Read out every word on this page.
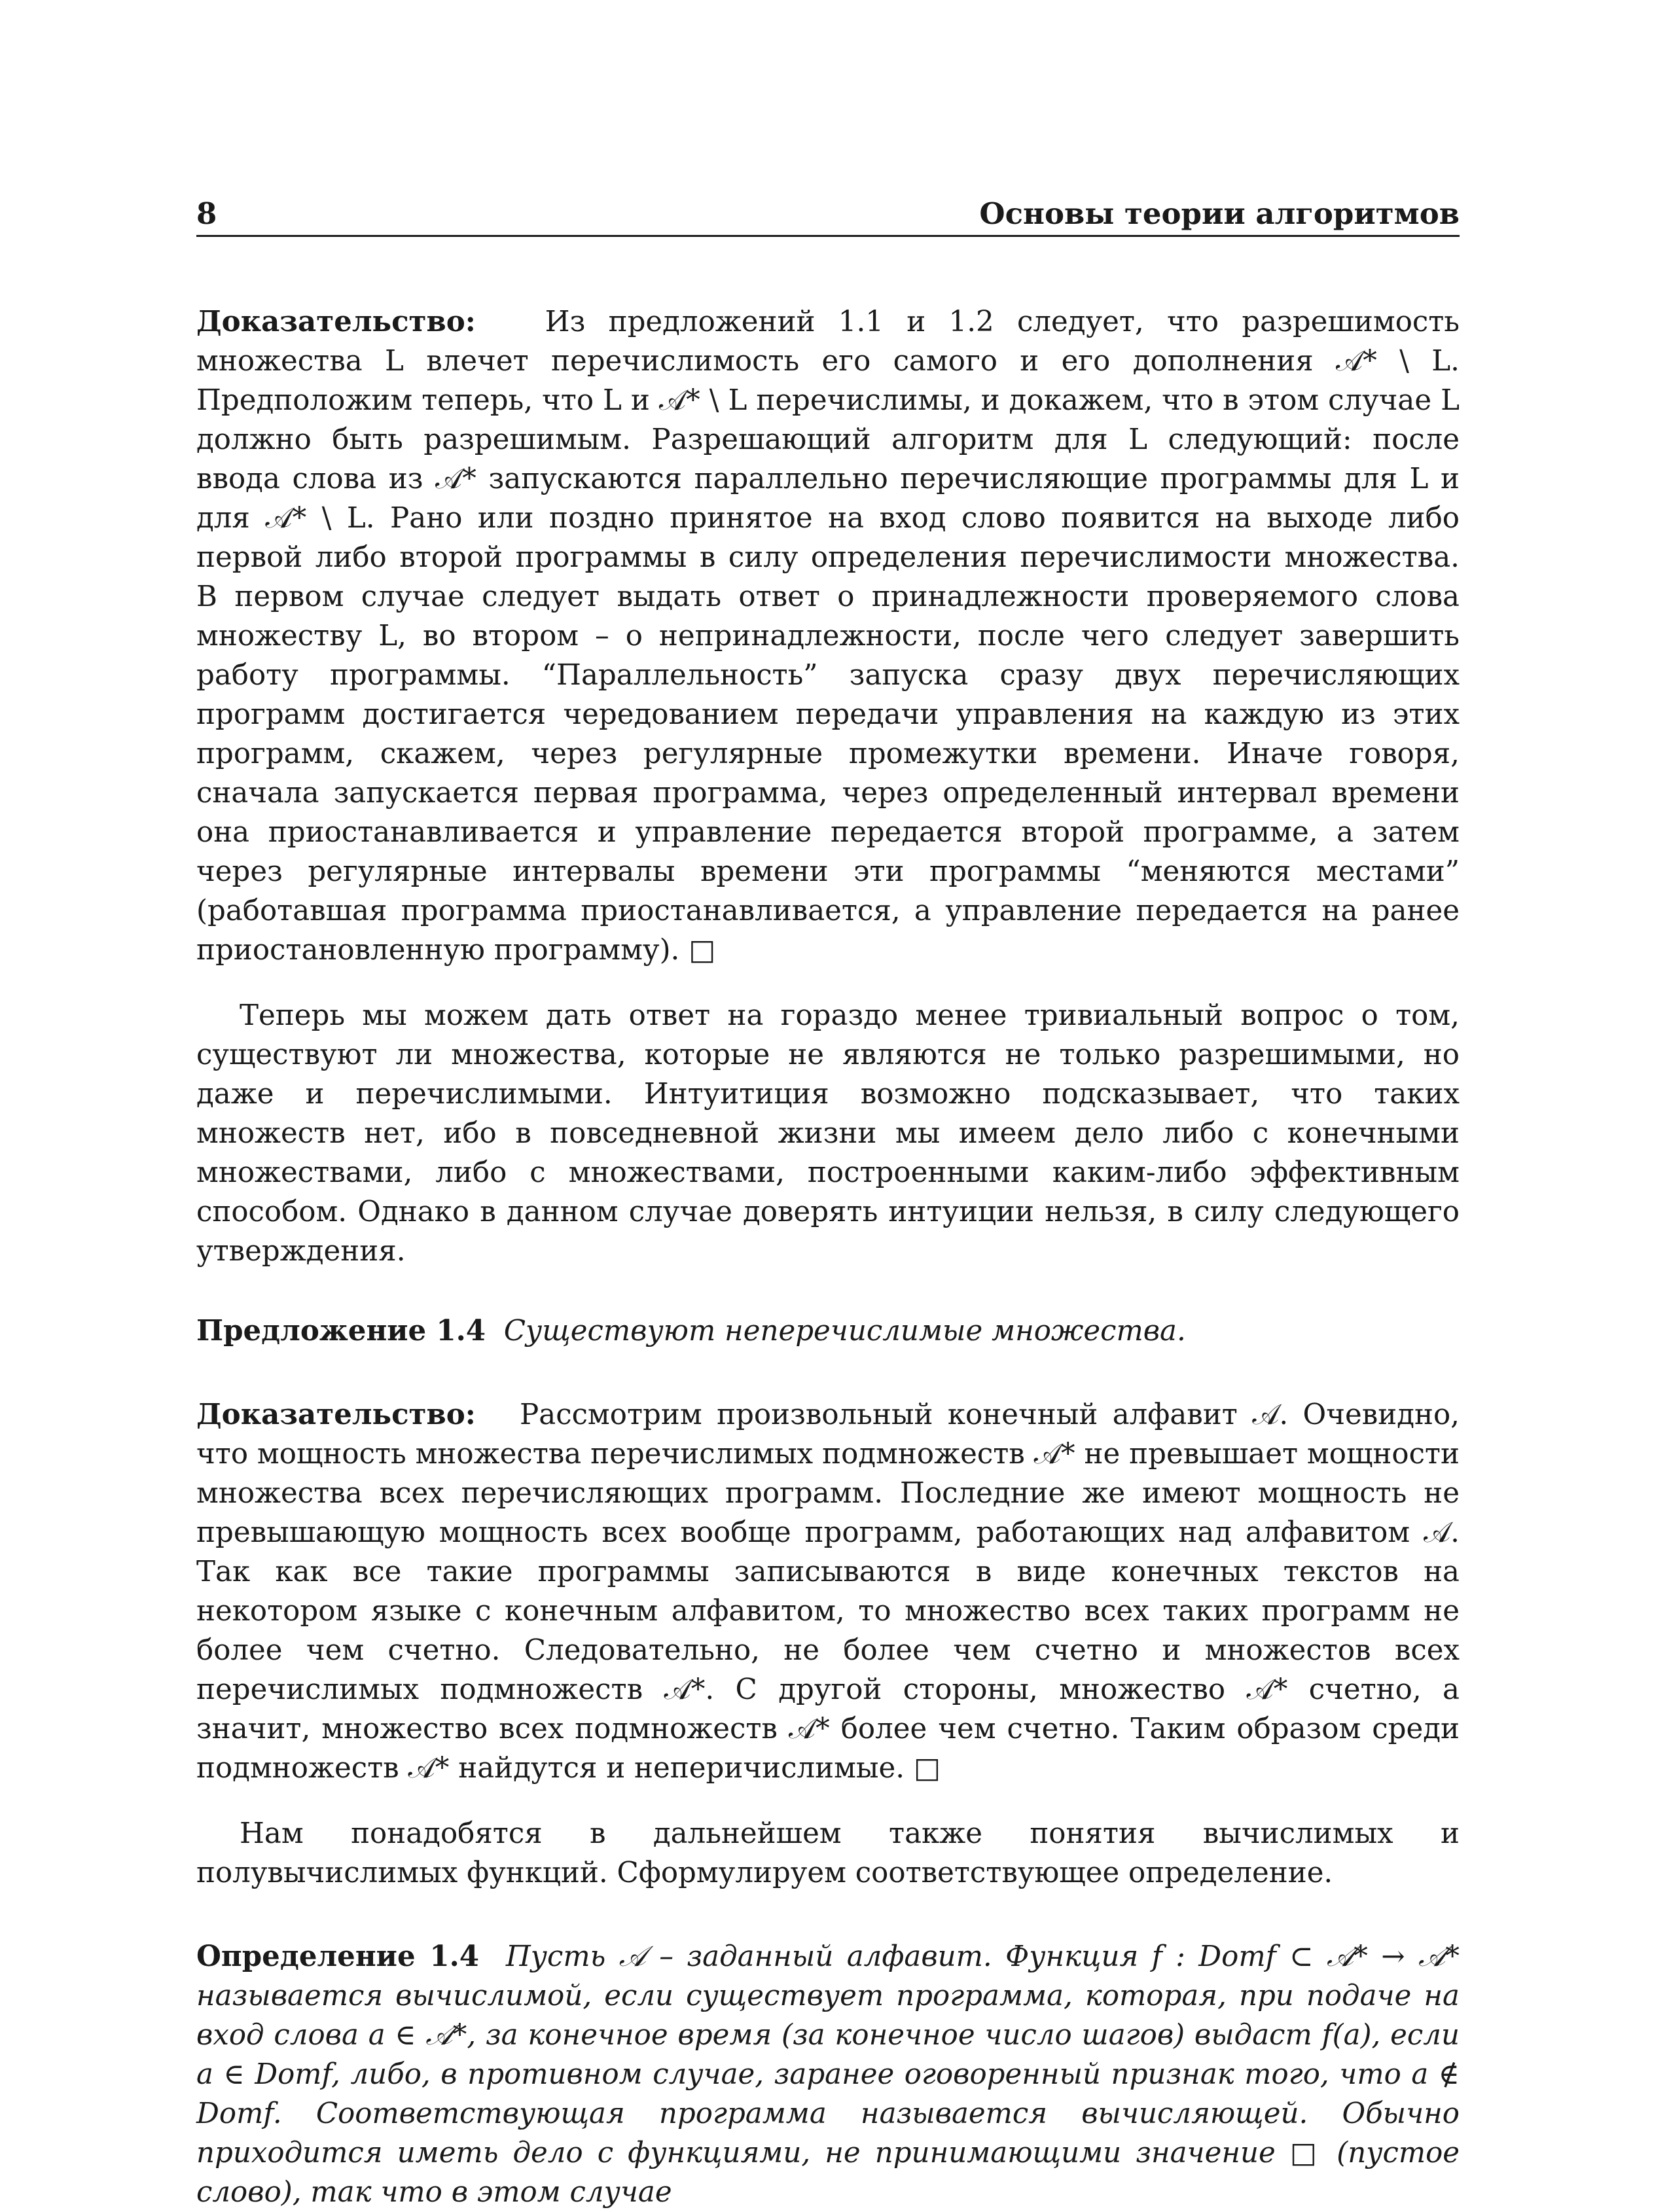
8	Основы теории алгоритмов

Доказательство: Из предложений 1.1 и 1.2 следует, что разрешимость множества L влечет перечислимость его самого и его дополнения 𝒜* \ L. Предположим теперь, что L и 𝒜* \ L перечислимы, и докажем, что в этом случае L должно быть разрешимым. Разрешающий алгоритм для L следующий: после ввода слова из 𝒜* запускаются параллельно перечисляющие программы для L и для 𝒜* \ L. Рано или поздно принятое на вход слово появится на выходе либо первой либо второй программы в силу определения перечислимости множества. В первом случае следует выдать ответ о принадлежности проверяемого слова множеству L, во втором – о непринадлежности, после чего следует завершить работу программы. “Параллельность” запуска сразу двух перечисляющих программ достигается чередованием передачи управления на каждую из этих программ, скажем, через регулярные промежутки времени. Иначе говоря, сначала запускается первая программа, через определенный интервал времени она приостанавливается и управление передается второй программе, а затем через регулярные интервалы времени эти программы “меняются местами” (работавшая программа приостанавливается, а управление передается на ранее приостановленную программу). □

Теперь мы можем дать ответ на гораздо менее тривиальный вопрос о том, существуют ли множества, которые не являются не только разрешимыми, но даже и перечислимыми. Интуитиция возможно подсказывает, что таких множеств нет, ибо в повседневной жизни мы имеем дело либо с конечными множествами, либо с множествами, построенными каким-либо эффективным способом. Однако в данном случае доверять интуиции нельзя, в силу следующего утверждения.

Предложение 1.4 Существуют неперечислимые множества.

Доказательство: Рассмотрим произвольный конечный алфавит 𝒜. Очевидно, что мощность множества перечислимых подмножеств 𝒜* не превышает мощности множества всех перечисляющих программ. Последние же имеют мощность не превышающую мощность всех вообще программ, работающих над алфавитом 𝒜. Так как все такие программы записываются в виде конечных текстов на некотором языке с конечным алфавитом, то множество всех таких программ не более чем счетно. Следовательно, не более чем счетно и множестов всех перечислимых подмножеств 𝒜*. С другой стороны, множество 𝒜* счетно, а значит, множество всех подмножеств 𝒜* более чем счетно. Таким образом среди подмножеств 𝒜* найдутся и неперичислимые. □

Нам понадобятся в дальнейшем также понятия вычислимых и полувычислимых функций. Сформулируем соответствующее определение.

Определение 1.4 Пусть 𝒜 – заданный алфавит. Функция f : Domf ⊂ 𝒜* → 𝒜* называется вычислимой, если существует программа, которая, при подаче на вход слова a ∈ 𝒜*, за конечное время (за конечное число шагов) выдаст f(a), если a ∈ Domf, либо, в противном случае, заранее оговоренный признак того, что a ∉ Domf. Соответствующая программа называется вычисляющей. Обычно приходится иметь дело с функциями, не принимающими значение □ (пустое слово), так что в этом случае
